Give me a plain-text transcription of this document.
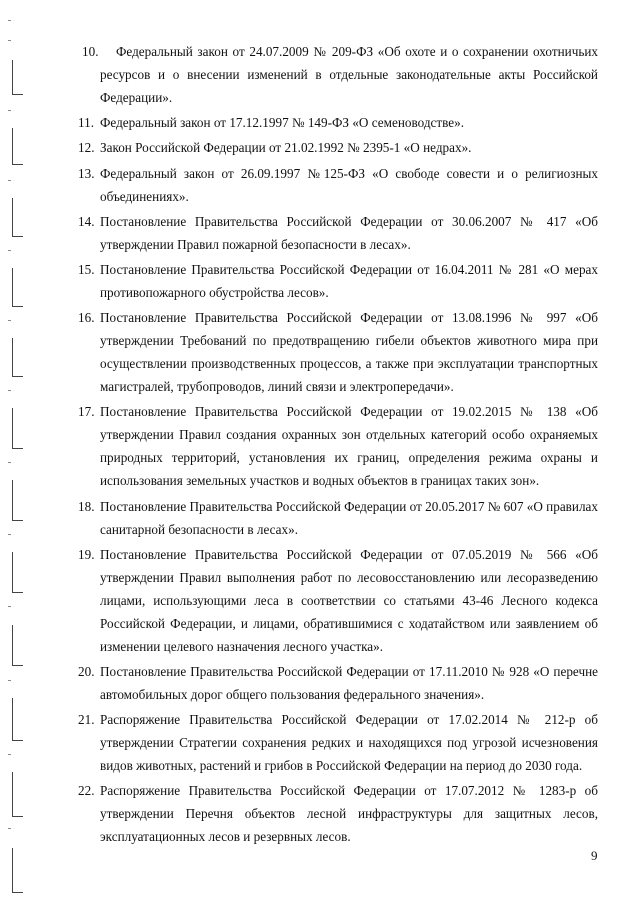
10.	Федеральный закон от 24.07.2009 № 209-ФЗ «Об охоте и о сохранении охотничьих ресурсов и о внесении изменений в отдельные законодательные акты Российской Федерации».
11. Федеральный закон от 17.12.1997 № 149-ФЗ «О семеноводстве».
12. Закон Российской Федерации от 21.02.1992 № 2395-1 «О недрах».
13. Федеральный закон от 26.09.1997 №125-ФЗ «О свободе совести и о религиозных объединениях».
14. Постановление Правительства Российской Федерации от 30.06.2007 № 417 «Об утверждении Правил пожарной безопасности в лесах».
15. Постановление Правительства Российской Федерации от 16.04.2011 № 281 «О мерах противопожарного обустройства лесов».
16. Постановление Правительства Российской Федерации от 13.08.1996 № 997 «Об утверждении Требований по предотвращению гибели объектов животного мира при осуществлении производственных процессов, а также при эксплуатации транспортных магистралей, трубопроводов, линий связи и электропередачи».
17. Постановление Правительства Российской Федерации от 19.02.2015 № 138 «Об утверждении Правил создания охранных зон отдельных категорий особо охраняемых природных территорий, установления их границ, определения режима охраны и использования земельных участков и водных объектов в границах таких зон».
18. Постановление Правительства Российской Федерации от 20.05.2017 № 607 «О правилах санитарной безопасности в лесах».
19. Постановление Правительства Российской Федерации от 07.05.2019 № 566 «Об утверждении Правил выполнения работ по лесовосстановлению или лесоразведению лицами, использующими леса в соответствии со статьями 43-46 Лесного кодекса Российской Федерации, и лицами, обратившимися с ходатайством или заявлением об изменении целевого назначения лесного участка».
20. Постановление Правительства Российской Федерации от 17.11.2010 № 928 «О перечне автомобильных дорог общего пользования федерального значения».
21. Распоряжение Правительства Российской Федерации от 17.02.2014 № 212-р об утверждении Стратегии сохранения редких и находящихся под угрозой исчезновения видов животных, растений и грибов в Российской Федерации на период до 2030 года.
22. Распоряжение Правительства Российской Федерации от 17.07.2012 № 1283-р об утверждении Перечня объектов лесной инфраструктуры для защитных лесов, эксплуатационных лесов и резервных лесов.
9
